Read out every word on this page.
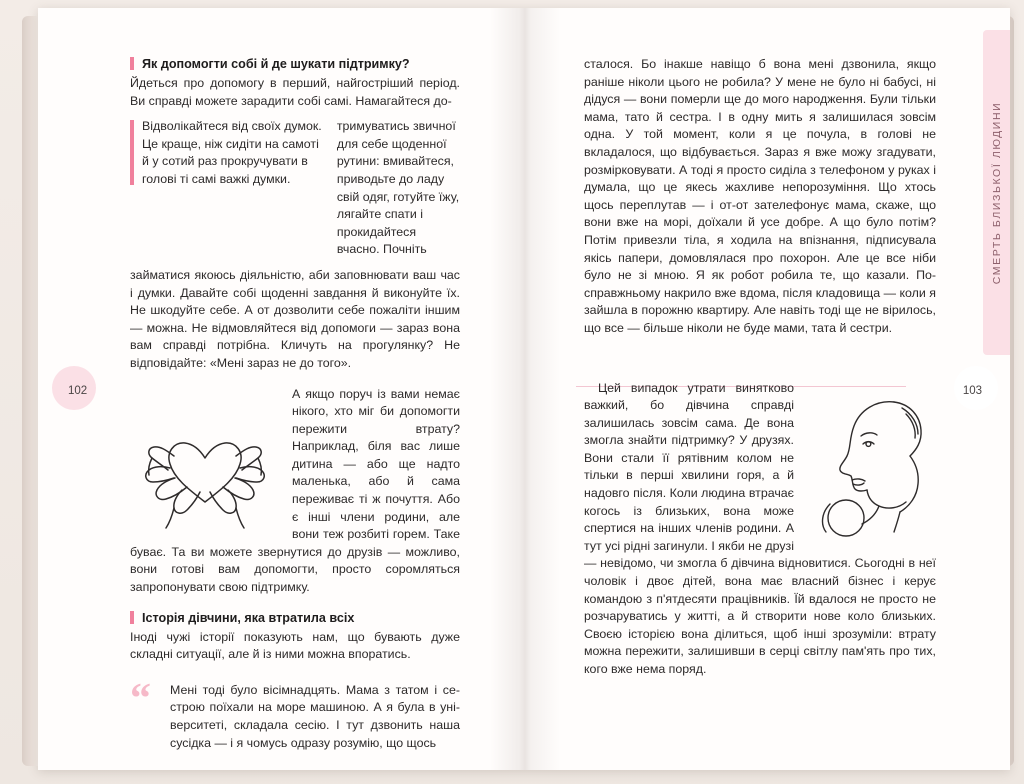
102
Як допомогти собі й де шукати підтримку?

Йдеться про допомогу в перший, найгостріший період. Ви справді можете зарадити собі самі. Намагайтеся до-

Відволікайтеся від своїх думок. Це краще, ніж сидіти на самоті й у сотий раз прокручувати в голові ті самі важкі думки.
тримуватись звичної для себе щоденної рутини: вмивайтеся, приводьте до ладу свій одяг, готуйте їжу, лягайте спати і прокидайтеся вчасно. Почніть

займатися якоюсь діяльністю, аби заповнювати ваш час і думки. Давайте собі щоденні завдання й виконуйте їх. Не шкодуйте себе. А от дозволити себе пожаліти іншим — можна. Не відмовляйтеся від допомоги — зараз вона вам справді потрібна. Кличуть на прогулянку? Не відповідайте: «Мені зараз не до того».

А якщо поруч із вами немає нікого, хто міг би допомогти пережити втрату? Наприклад, біля вас лише дитина — або ще надто маленька, або й сама переживає ті ж почуття. Або є інші члени родини, але вони теж розбиті горем. Таке буває. Та ви можете звернутися до друзів — можливо, вони готові вам допомогти, просто соромляться запропонувати свою підтримку.

Історія дівчини, яка втратила всіх

Іноді чужі історії показують нам, що бувають дуже складні ситуації, але й із ними можна впоратись.

“ Мені тоді було вісімнадцять. Мама з татом і сестрою поїхали на море машиною. А я була в університеті, складала сесію. І тут дзвонить наша сусідка — і я чомусь одразу розумію, що щось

СМЕРТЬ БЛИЗЬКОЇ ЛЮДИНИ
103

сталося. Бо інакше навіщо б вона мені дзвонила, якщо раніше ніколи цього не робила? У мене не було ні бабусі, ні дідуся — вони померли ще до мого народження. Були тільки мама, тато й сестра. І в одну мить я залишилася зовсім одна. У той момент, коли я це почула, в голові не вкладалося, що відбувається. Зараз я вже можу згадувати, розмірковувати. А тоді я просто сиділа з телефоном у руках і думала, що це якесь жахливе непорозуміння. Що хтось щось переплутав — і от-от зателефонує мама, скаже, що вони вже на морі, доїхали й усе добре. А що було потім? Потім привезли тіла, я ходила на впізнання, підписувала якісь папери, домовлялася про похорон. Але це все ніби було не зі мною. Я як робот робила те, що казали. По-справжньому накрило вже вдома, після кладовища — коли я зайшла в порожню квартиру. Але навіть тоді ще не вірилось, що все — більше ніколи не буде мами, тата й сестри.

Цей випадок утрати винятково важкий, бо дівчина справді залишилась зовсім сама. Де вона змогла знайти підтримку? У друзях. Вони стали її рятівним колом не тільки в перші хвилини горя, а й надовго після. Коли людина втрачає когось із близьких, вона може спертися на інших членів родини. А тут усі рідні загинули. І якби не друзі — невідомо, чи змогла б дівчина відновитися. Сьогодні в неї чоловік і двоє дітей, вона має власний бізнес і керує командою з п'ятдесяти працівників. Їй вдалося не просто не розчаруватись у житті, а й створити нове коло близьких. Своєю історією вона ділиться, щоб інші зрозуміли: втрату можна пережити, залишивши в серці світлу пам'ять про тих, кого вже нема поряд.
